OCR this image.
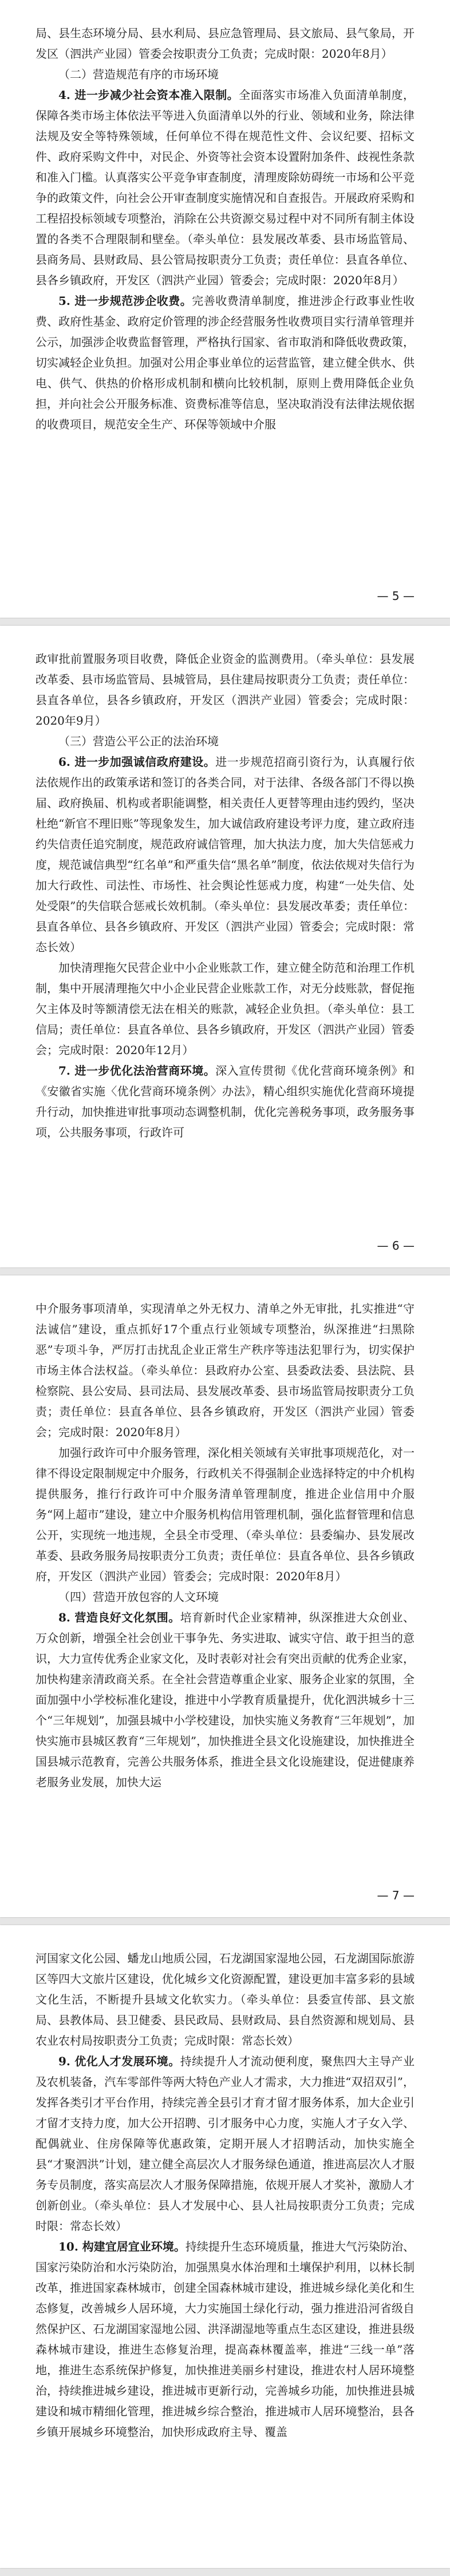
局、县生态环境分局、县水利局、县应急管理局、县文旅局、县气象局，开发区（泗洪产业园）管委会按职责分工负责；完成时限：2020年8月）

（二）营造规范有序的市场环境

4. 进一步减少社会资本准入限制。全面落实市场准入负面清单制度，保障各类市场主体依法平等进入负面清单以外的行业、领域和业务，除法律法规及安全等特殊领域，任何单位不得在规范性文件、会议纪要、招标文件、政府采购文件中，对民企、外资等社会资本设置附加条件、歧视性条款和准入门槛。认真落实公平竞争审查制度，清理废除妨碍统一市场和公平竞争的政策文件，向社会公开审查制度实施情况和自查报告。开展政府采购和工程招投标领域专项整治，消除在公共资源交易过程中对不同所有制主体设置的各类不合理限制和壁垒。（牵头单位：县发展改革委、县市场监管局、县商务局、县财政局、县公管局按职责分工负责；责任单位：县直各单位、县各乡镇政府，开发区（泗洪产业园）管委会；完成时限：2020年8月）

5. 进一步规范涉企收费。完善收费清单制度，推进涉企行政事业性收费、政府性基金、政府定价管理的涉企经营服务性收费项目实行清单管理并公示，加强涉企收费监督管理，严格执行国家、省市取消和降低收费政策，切实减轻企业负担。加强对公用企事业单位的运营监管，建立健全供水、供电、供气、供热的价格形成机制和横向比较机制，原则上费用降低企业负担，并向社会公开服务标准、资费标准等信息，坚决取消没有法律法规依据的收费项目，规范安全生产、环保等领域中介服

— 5 —

政审批前置服务项目收费，降低企业资金的监测费用。（牵头单位：县发展改革委、县市场监管局、县城管局，县住建局按职责分工负责；责任单位：县直各单位，县各乡镇政府，开发区（泗洪产业园）管委会；完成时限：2020年9月）

（三）营造公平公正的法治环境

6. 进一步加强诚信政府建设。进一步规范招商引资行为，认真履行依法依规作出的政策承诺和签订的各类合同，对于法律、各级各部门不得以换届、政府换届、机构或者职能调整，相关责任人更替等理由违约毁约，坚决杜绝“新官不理旧账”等现象发生，加大诚信政府建设考评力度，建立政府违约失信责任追究制度，规范政府诚信管理，加大执法力度，加大失信惩戒力度，规范诚信典型“红名单”和严重失信“黑名单”制度，依法依规对失信行为加大行政性、司法性、市场性、社会舆论性惩戒力度，构建“一处失信、处处受限”的失信联合惩戒长效机制。（牵头单位：县发展改革委；责任单位：县直各单位、县各乡镇政府、开发区（泗洪产业园）管委会；完成时限：常态长效）

加快清理拖欠民营企业中小企业账款工作，建立健全防范和治理工作机制，集中开展清理拖欠中小企业民营企业账款工作，对无分歧账款，督促拖欠主体及时等额清偿无法在相关的账款，减轻企业负担。（牵头单位：县工信局；责任单位：县直各单位、县各乡镇政府，开发区（泗洪产业园）管委会；完成时限：2020年12月）

7. 进一步优化法治营商环境。深入宣传贯彻《优化营商环境条例》和《安徽省实施〈优化营商环境条例〉办法》，精心组织实施优化营商环境提升行动，加快推进审批事项动态调整机制，优化完善税务事项，政务服务事项，公共服务事项，行政许可

— 6 —

中介服务事项清单，实现清单之外无权力、清单之外无审批，扎实推进“守法诚信”建设，重点抓好17个重点行业领域专项整治，纵深推进“扫黑除恶”专项斗争，严厉打击扰乱企业正常生产秩序等违法犯罪行为，切实保护市场主体合法权益。（牵头单位：县政府办公室、县委政法委、县法院、县检察院、县公安局、县司法局、县发展改革委、县市场监管局按职责分工负责；责任单位：县直各单位、县各乡镇政府，开发区（泗洪产业园）管委会；完成时限：2020年8月）

加强行政许可中介服务管理，深化相关领域有关审批事项规范化，对一律不得设定限制规定中介服务，行政机关不得强制企业选择特定的中介机构提供服务，推行行政许可中介服务清单管理制度，推进企业信用中介服务“网上超市”建设，建立中介服务机构信用管理机制，强化监督管理和信息公开，实现统一地违规，全县全市受理、（牵头单位：县委编办、县发展改革委、县政务服务局按职责分工负责；责任单位：县直各单位、县各乡镇政府，开发区（泗洪产业园）管委会；完成时限：2020年8月）

（四）营造开放包容的人文环境

8. 营造良好文化氛围。培育新时代企业家精神，纵深推进大众创业、万众创新，增强全社会创业干事争先、务实进取、诚实守信、敢于担当的意识，大力宣传优秀企业家文化，及时表彰对社会有突出贡献的优秀企业家，加快构建亲清政商关系。在全社会营造尊重企业家、服务企业家的氛围，全面加强中小学校标准化建设，推进中小学教育质量提升，优化泗洪城乡十三个“三年规划”，加强县城中小学校建设，加快实施义务教育“三年规划”，加快实施市县城区教育“三年规划”，加快推进全县文化设施建设，加快推进全国县城示范教育，完善公共服务体系，推进全县文化设施建设，促进健康养老服务业发展，加快大运

— 7 —

河国家文化公园、蟠龙山地质公园，石龙湖国家湿地公园，石龙湖国际旅游区等四大文旅片区建设，优化城乡文化资源配置，建设更加丰富多彩的县域文化生活，不断提升县域文化软实力。（牵头单位：县委宣传部、县文旅局、县教体局、县卫健委、县民政局、县财政局、县自然资源和规划局、县农业农村局按职责分工负责；完成时限：常态长效）

9. 优化人才发展环境。持续提升人才流动便利度，聚焦四大主导产业及农机装备，汽车零部件等两大特色产业人才需求，大力推进“双招双引”，发挥各类引才平台作用，持续完善全县引才育才留才服务体系，加大企业引才留才支持力度，加大公开招聘、引才服务中心力度，实施人才子女入学、配偶就业、住房保障等优惠政策，定期开展人才招聘活动，加快实施全县“才聚泗洪”计划，建立健全高层次人才服务绿色通道，推进高层次人才服务专员制度，落实高层次人才服务保障措施，依规开展人才奖补，激励人才创新创业。（牵头单位：县人才发展中心、县人社局按职责分工负责；完成时限：常态长效）

10. 构建宜居宜业环境。持续提升生态环境质量，推进大气污染防治、国家污染防治和水污染防治，加强黑臭水体治理和土壤保护利用，以林长制改革，推进国家森林城市，创建全国森林城市建设，推进城乡绿化美化和生态修复，改善城乡人居环境，大力实施国土绿化行动，强力推进沿河省级自然保护区、石龙湖国家湿地公园、洪泽湖湿地等重点生态区建设，推进县级森林城市建设，推进生态修复治理，提高森林覆盖率，推进“三线一单”落地，推进生态系统保护修复，加快推进美丽乡村建设，推进农村人居环境整治，持续推进城乡建设，推进城市更新行动，完善城乡功能，加快推进县城建设和城市精细化管理，推进城乡综合整治，推进城市人居环境整治，县各乡镇开展城乡环境整治，加快形成政府主导、覆盖
